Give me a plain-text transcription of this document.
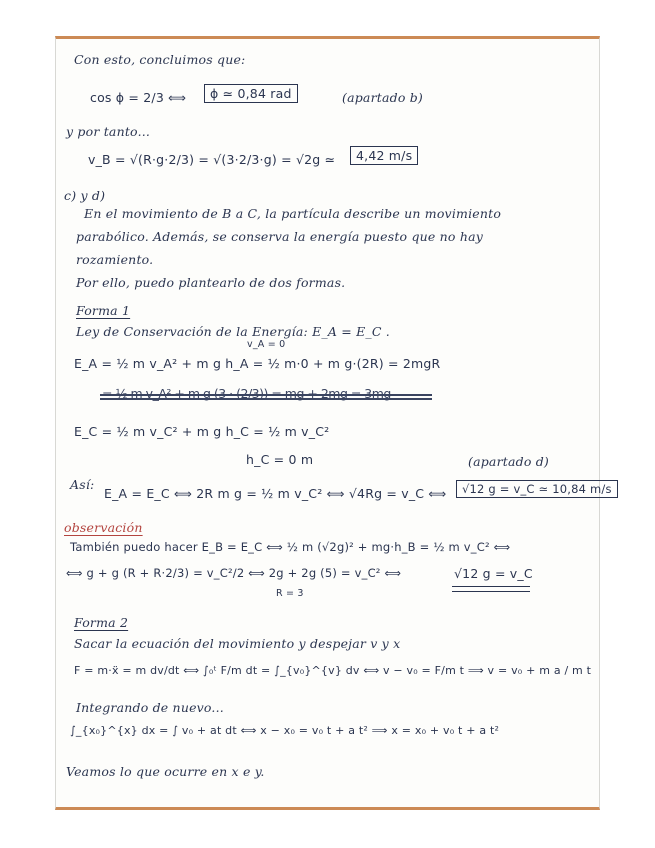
Con esto, concluimos que:
cos ϕ = 2/3 ⟺	ϕ ≃ 0,84 rad	(apartado b)
y por tanto...
v_B = √(R·g·2/3) = √(3·2/3·g) = √2g ≃	4,42 m/s
c) y d)
En el movimiento de B a C, la partícula describe un movimiento
parabólico. Además, se conserva la energía puesto que no hay
rozamiento.
Por ello, puedo plantearlo de dos formas.
Forma 1
Ley de Conservación de la Energía: E_A = E_C .
v_A = 0
E_A = ½ m v_A² + m g h_A = ½ m·0 + m g·(2R) = 2mgR
= ½ m v_A² + m g (3 · (2/3)) = mg + 2mg = 3mg
E_C = ½ m v_C² + m g h_C = ½ m v_C²
h_C = 0 m	(apartado d)
Así:
E_A = E_C ⟺ 2R m g = ½ m v_C² ⟺ √4Rg = v_C ⟺	√12 g = v_C ≃ 10,84 m/s
observación
También puedo hacer E_B = E_C ⟺ ½ m (√2g)² + mg·h_B = ½ m v_C² ⟺
⟺ g + g (R + R·2/3) = v_C²/2 ⟺ 2g + 2g (5) = v_C² ⟺	√12 g = v_C
R = 3
Forma 2
Sacar la ecuación del movimiento y despejar v y x
F = m·ẍ = m dv/dt ⟺ ∫₀ᵗ F/m dt = ∫_{v₀}^{v} dv ⟺ v − v₀ = F/m t ⟹ v = v₀ + m a / m t
Integrando de nuevo...
∫_{x₀}^{x} dx = ∫ v₀ + at dt ⟺ x − x₀ = v₀ t + a t² ⟹ x = x₀ + v₀ t + a t²
Veamos lo que ocurre en x e y.
